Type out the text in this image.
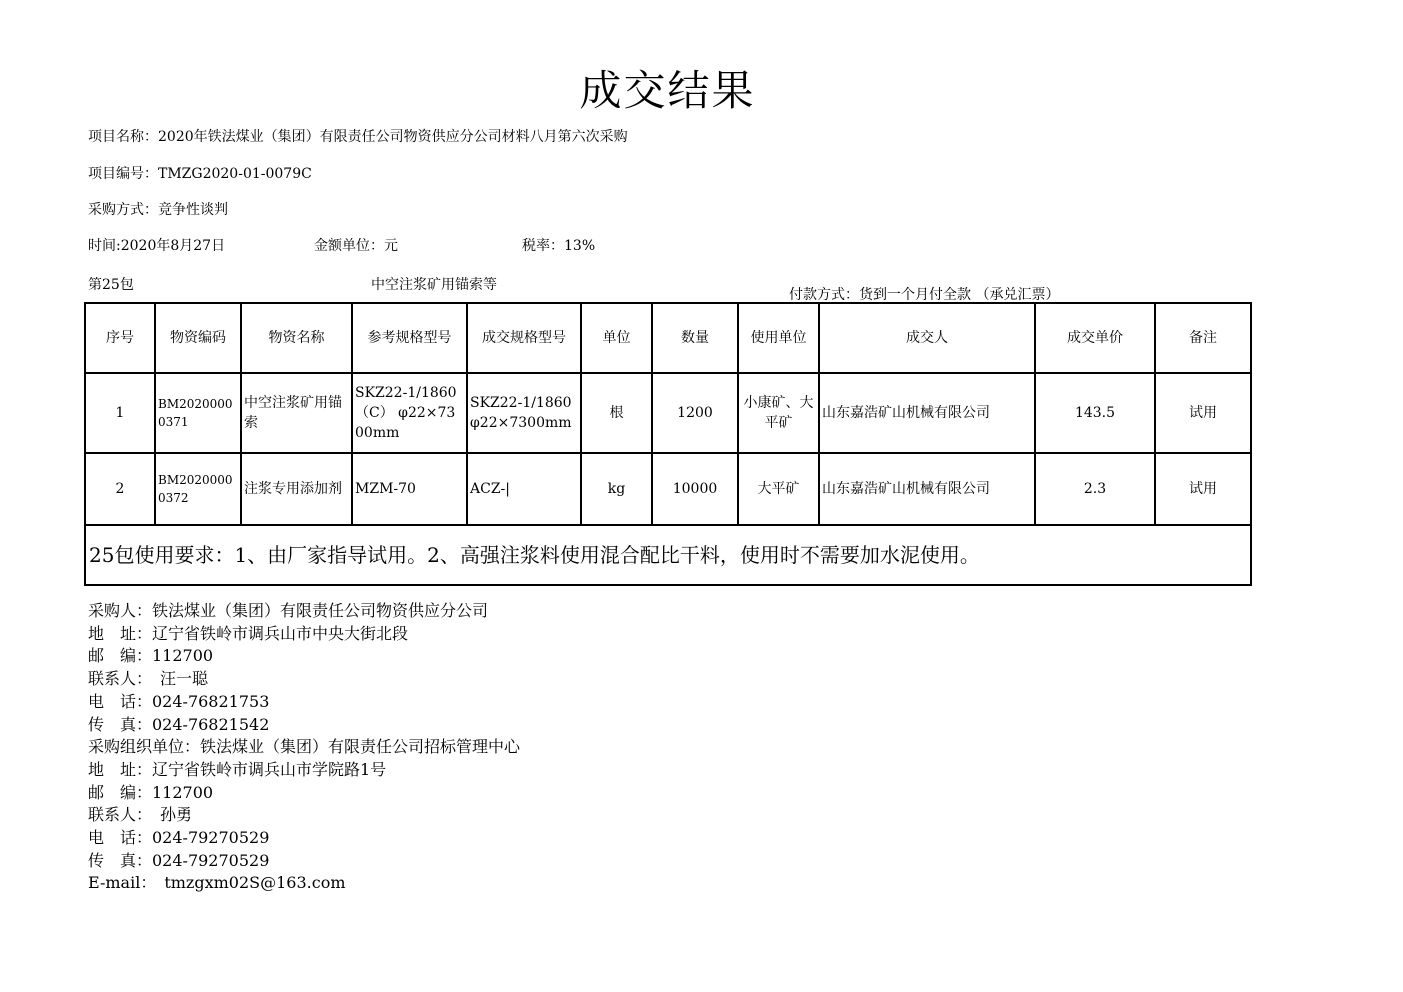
成交结果
项目名称：2020年铁法煤业（集团）有限责任公司物资供应分公司材料八月第六次采购
项目编号：TMZG2020-01-0079C
采购方式：竞争性谈判
时间:2020年8月27日	金额单位：元	税率：13%
第25包	中空注浆矿用锚索等
付款方式：货到一个月付全款 （承兑汇票）
序号	物资编码	物资名称	参考规格型号	成交规格型号	单位	数量	使用单位	成交人	成交单价	备注
1	BM20200000371	中空注浆矿用锚索	SKZ22-1/1860（C） φ22×7300mm	SKZ22-1/1860 φ22×7300mm	根	1200	小康矿、大平矿	山东嘉浩矿山机械有限公司	143.5	试用
2	BM20200000372	注浆专用添加剂	MZM-70	ACZ-|	kg	10000	大平矿	山东嘉浩矿山机械有限公司	2.3	试用
25包使用要求：1、由厂家指导试用。2、高强注浆料使用混合配比干料，使用时不需要加水泥使用。										
采购人：铁法煤业（集团）有限责任公司物资供应分公司
地　址：辽宁省铁岭市调兵山市中央大街北段
邮　编：112700
联系人：　汪一聪
电　话：024-76821753
传　真：024-76821542
采购组织单位：铁法煤业（集团）有限责任公司招标管理中心
地　址：辽宁省铁岭市调兵山市学院路1号
邮　编：112700
联系人：　孙勇
电　话：024-79270529
传　真：024-79270529
E-mail：　tmzgxm02S@163.com
